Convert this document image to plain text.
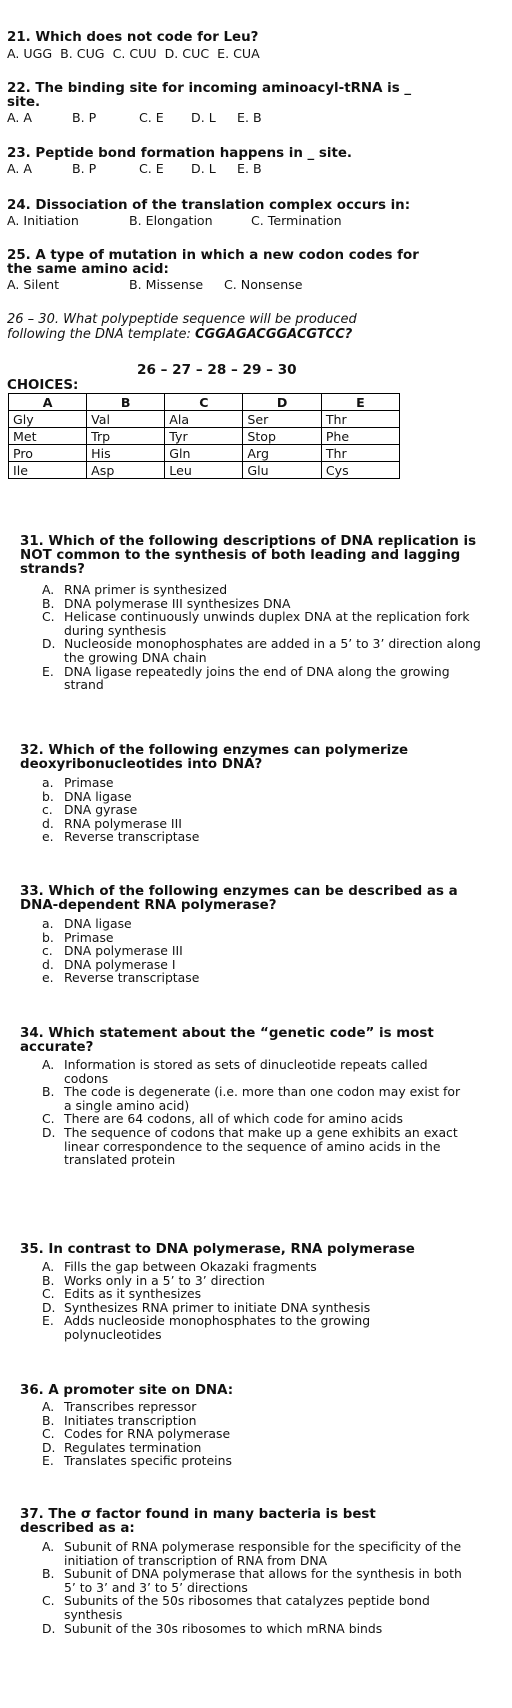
21. Which does not code for Leu?
A. UGG  B. CUG  C. CUU  D. CUC  E. CUA
22. The binding site for incoming aminoacyl-tRNA is _
site.
A. A	B. P	C. E D. L E. B
23. Peptide bond formation happens in _ site.
A. A	B. P	C. E D. L E. B
24. Dissociation of the translation complex occurs in:
A. Initiation	B. Elongation	C. Termination
25. A type of mutation in which a new codon codes for
the same amino acid:
A. Silent	B. Missense C. Nonsense
26 – 30. What polypeptide sequence will be produced
following the DNA template: CGGAGACGGACGTCC?
26 – 27 – 28 – 29 – 30
CHOICES:
A	B	C	D	E
Gly	Val	Ala	Ser	Thr
Met	Trp	Tyr	Stop	Phe
Pro	His	Gln	Arg	Thr
Ile	Asp	Leu	Glu	Cys
31. Which of the following descriptions of DNA replication is NOT common to the synthesis of both leading and lagging strands?
A. RNA primer is synthesized
B. DNA polymerase III synthesizes DNA
C. Helicase continuously unwinds duplex DNA at the replication fork during synthesis
D. Nucleoside monophosphates are added in a 5’ to 3’ direction along the growing DNA chain
E. DNA ligase repeatedly joins the end of DNA along the growing strand
32. Which of the following enzymes can polymerize deoxyribonucleotides into DNA?
a. Primase
b. DNA ligase
c. DNA gyrase
d. RNA polymerase III
e. Reverse transcriptase
33. Which of the following enzymes can be described as a DNA-dependent RNA polymerase?
a. DNA ligase
b. Primase
c. DNA polymerase III
d. DNA polymerase I
e. Reverse transcriptase
34. Which statement about the “genetic code” is most accurate?
A. Information is stored as sets of dinucleotide repeats called codons
B. The code is degenerate (i.e. more than one codon may exist for a single amino acid)
C. There are 64 codons, all of which code for amino acids
D. The sequence of codons that make up a gene exhibits an exact linear correspondence to the sequence of amino acids in the translated protein
35. In contrast to DNA polymerase, RNA polymerase
A. Fills the gap between Okazaki fragments
B. Works only in a 5’ to 3’ direction
C. Edits as it synthesizes
D. Synthesizes RNA primer to initiate DNA synthesis
E. Adds nucleoside monophosphates to the growing polynucleotides
36. A promoter site on DNA:
A. Transcribes repressor
B. Initiates transcription
C. Codes for RNA polymerase
D. Regulates termination
E. Translates specific proteins
37. The σ factor found in many bacteria is best described as a:
A. Subunit of RNA polymerase responsible for the specificity of the initiation of transcription of RNA from DNA
B. Subunit of DNA polymerase that allows for the synthesis in both 5’ to 3’ and 3’ to 5’ directions
C. Subunits of the 50s ribosomes that catalyzes peptide bond synthesis
D. Subunit of the 30s ribosomes to which mRNA binds
